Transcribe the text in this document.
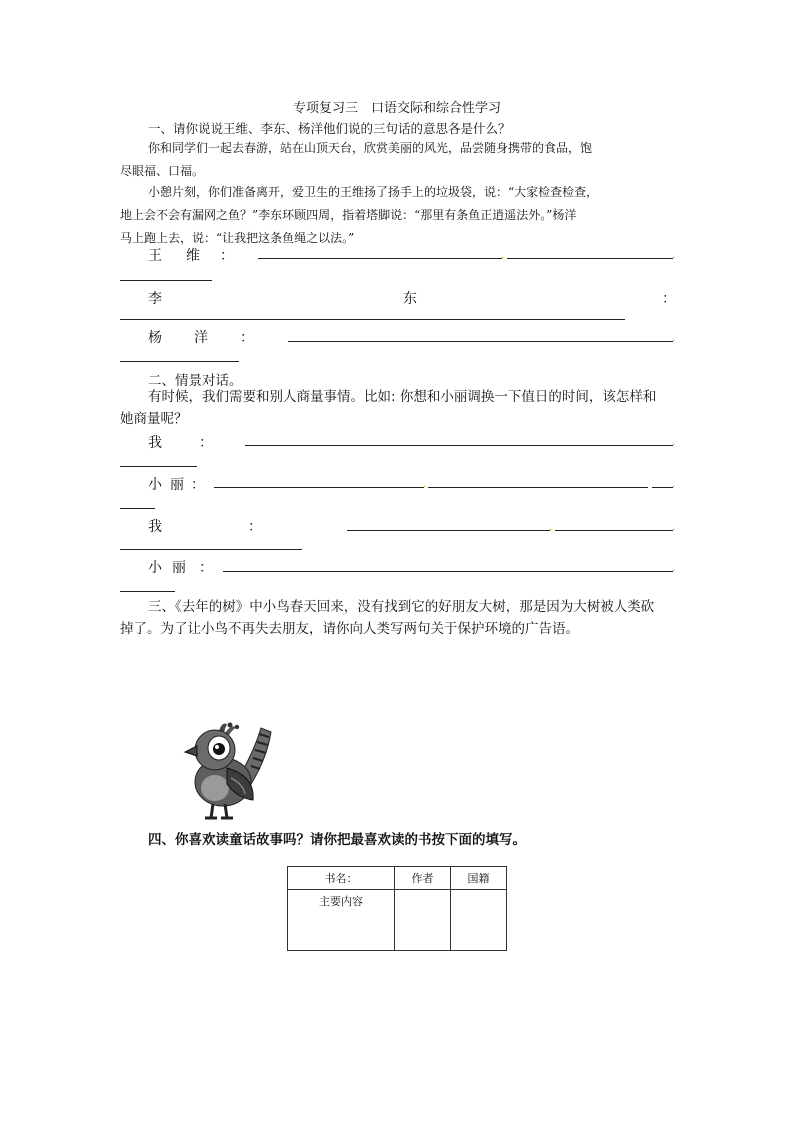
专项复习三　口语交际和综合性学习
一、请你说说王维、李东、杨洋他们说的三句话的意思各是什么？
你和同学们一起去春游，站在山顶天台，欣赏美丽的风光，品尝随身携带的食品，饱
尽眼福、口福。
小憩片刻，你们准备离开，爱卫生的王维扬了扬手上的垃圾袋，说：“大家检查检查，
地上会不会有漏网之鱼？”李东环顾四周，指着塔脚说：“那里有条鱼正逍遥法外。”杨洋
马上跑上去，说：“让我把这条鱼绳之以法。”
王 维 ：	.	.
李	东	：
杨 洋 ：	.
二、情景对话。
有时候，我们需要和别人商量事情。比如: 你想和小丽调换一下值日的时间，该怎样和
她商量呢？
我	：	.
小 丽 ：	.	.
我	：	.	.
小 丽 ：	.
三、《去年的树》中小鸟春天回来，没有找到它的好朋友大树，那是因为大树被人类砍
掉了。为了让小鸟不再失去朋友，请你向人类写两句关于保护环境的广告语。
四、你喜欢读童话故事吗？请你把最喜欢读的书按下面的填写。
书名：	作者	国籍
主要内容		
